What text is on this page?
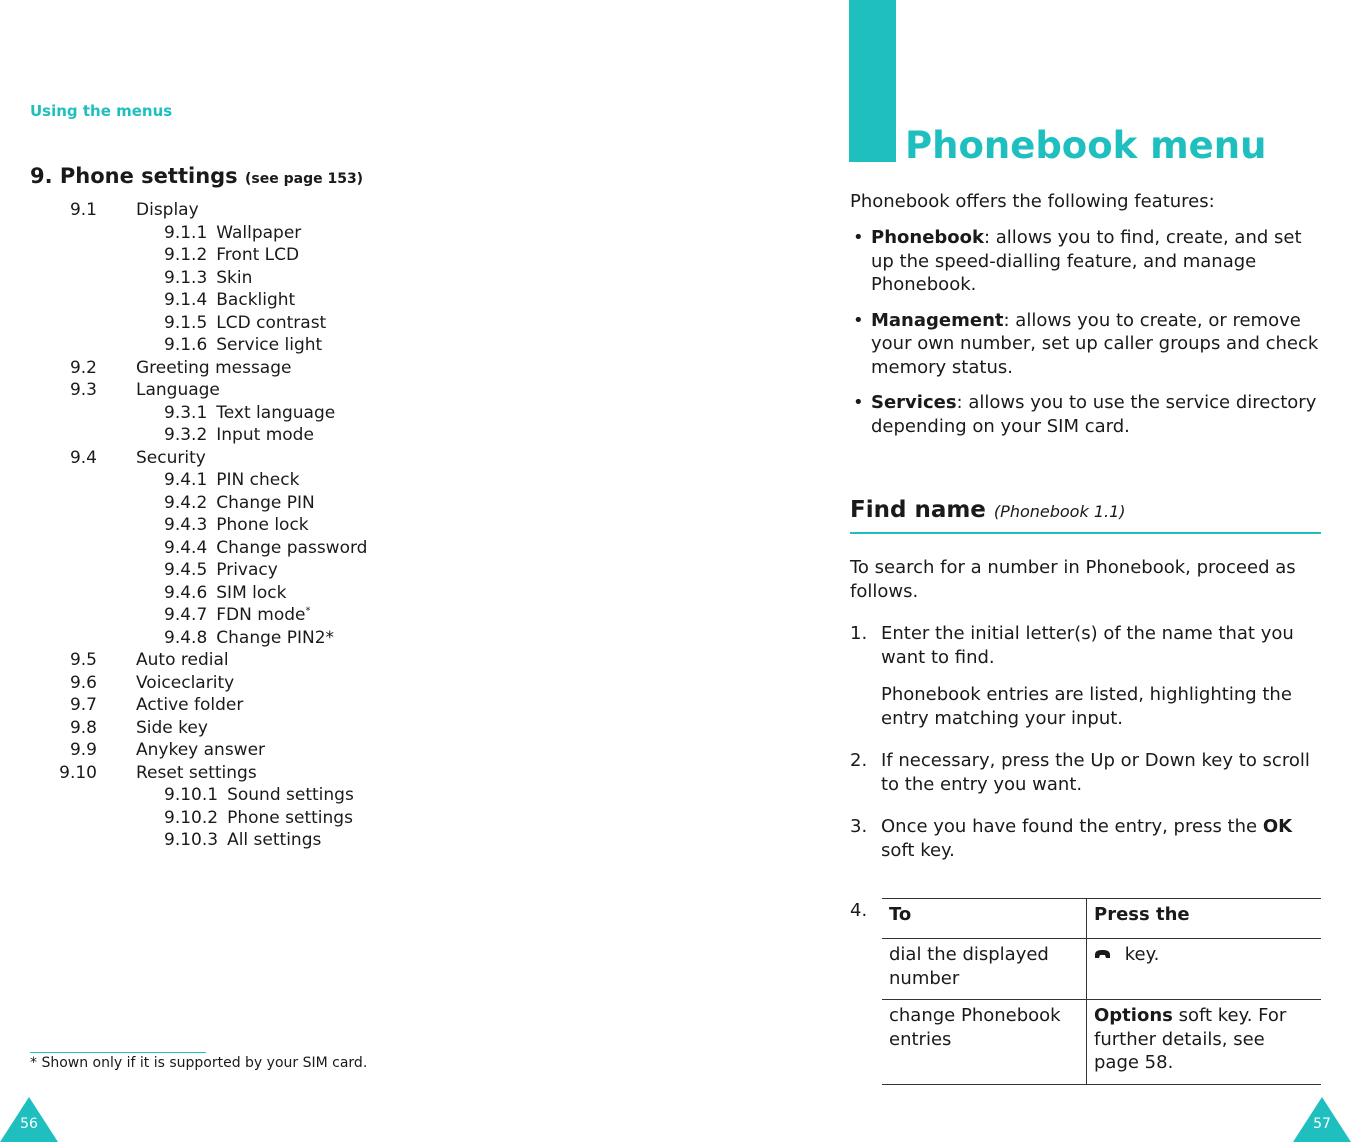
Using the menus
9. Phone settings (see page 153)
9.1 Display
9.1.1 Wallpaper
9.1.2 Front LCD
9.1.3 Skin
9.1.4 Backlight
9.1.5 LCD contrast
9.1.6 Service light
9.2 Greeting message
9.3 Language
9.3.1 Text language
9.3.2 Input mode
9.4 Security
9.4.1 PIN check
9.4.2 Change PIN
9.4.3 Phone lock
9.4.4 Change password
9.4.5 Privacy
9.4.6 SIM lock
9.4.7 FDN mode*
9.4.8 Change PIN2*
9.5 Auto redial
9.6 Voiceclarity
9.7 Active folder
9.8 Side key
9.9 Anykey answer
9.10 Reset settings
9.10.1 Sound settings
9.10.2 Phone settings
9.10.3 All settings
* Shown only if it is supported by your SIM card.
56
Phonebook menu
Phonebook offers the following features:
• Phonebook: allows you to find, create, and set up the speed-dialling feature, and manage Phonebook.
• Management: allows you to create, or remove your own number, set up caller groups and check memory status.
• Services: allows you to use the service directory depending on your SIM card.
Find name (Phonebook 1.1)
To search for a number in Phonebook, proceed as follows.
1. Enter the initial letter(s) of the name that you want to find.
Phonebook entries are listed, highlighting the entry matching your input.
2. If necessary, press the Up or Down key to scroll to the entry you want.
3. Once you have found the entry, press the OK soft key.
4. To	Press the
dial the displayed number	key.
change Phonebook entries	Options soft key. For further details, see page 58.
57
